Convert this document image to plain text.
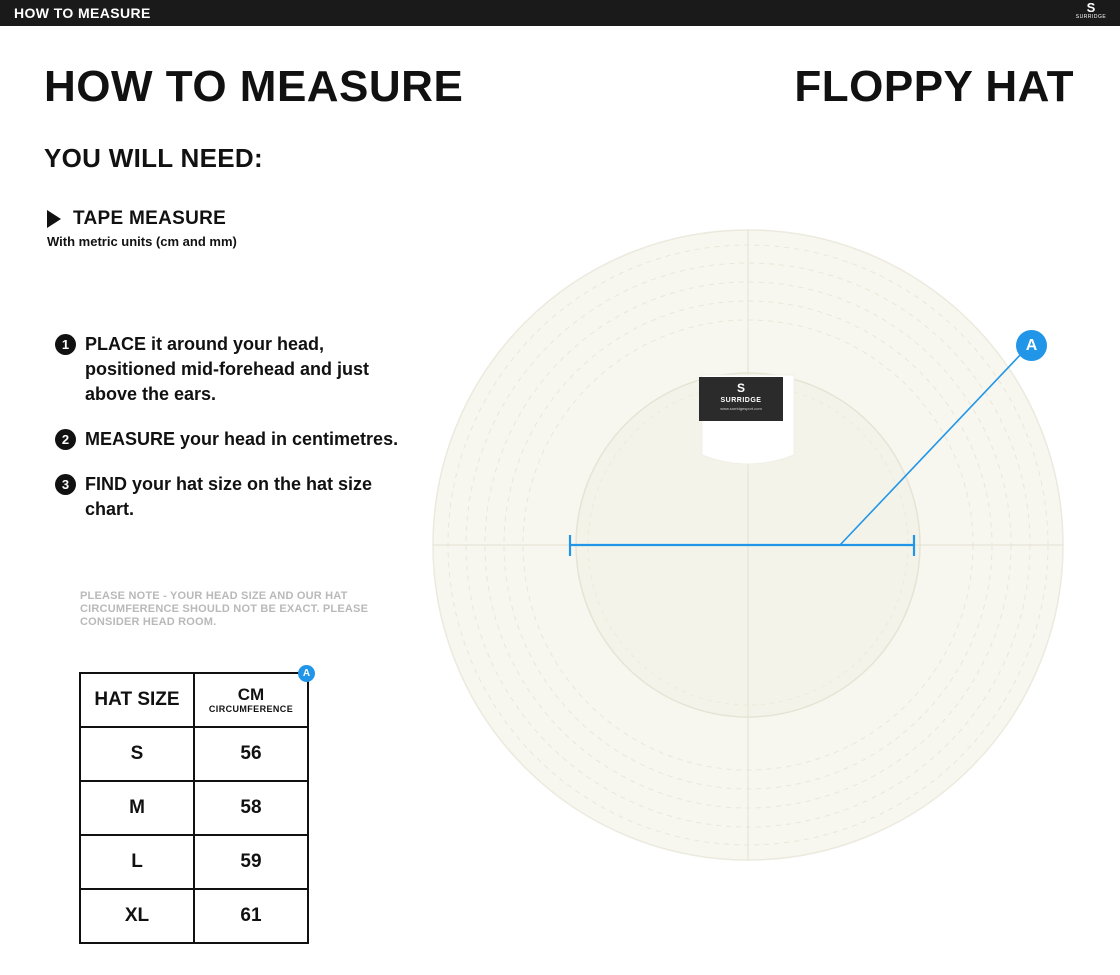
HOW TO MEASURE	S
SURRIDGE
HOW TO MEASURE	FLOPPY HAT
YOU WILL NEED:
TAPE MEASURE
With metric units (cm and mm)
1 PLACE it around your head, positioned mid-forehead and just above the ears.
2 MEASURE your head in centimetres.
3 FIND your hat size on the hat size chart.
PLEASE NOTE - YOUR HEAD SIZE AND OUR HAT CIRCUMFERENCE SHOULD NOT BE EXACT. PLEASE CONSIDER HEAD ROOM.
HAT SIZE	CM
CIRCUMFERENCE
A

S	56
M	58
L	59
XL	61
S
SURRIDGE
www.surridgesport.com
A
